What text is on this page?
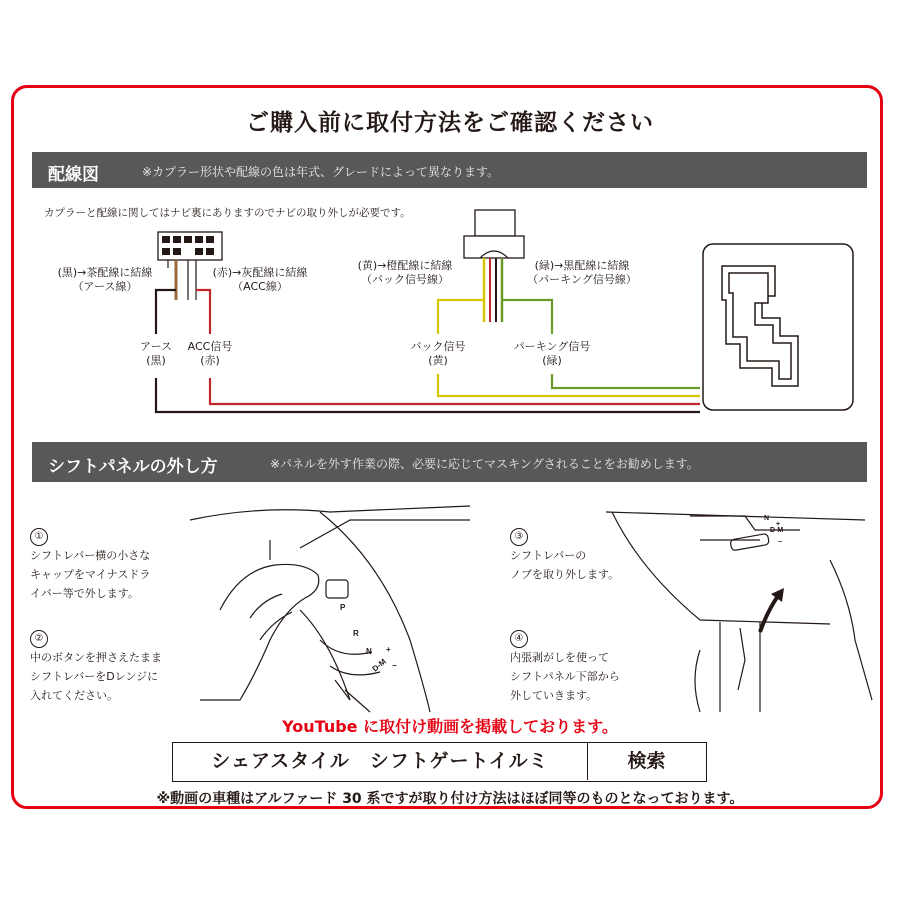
ご購入前に取付方法をご確認ください
配線図	※カプラー形状や配線の色は年式、グレードによって異なります。
カプラーと配線に関してはナビ裏にありますのでナビの取り外しが必要です。
P
R
N
D-M
+
−
N
D-M
+
−
(黒)→茶配線に結線
（アース線）
(赤)→灰配線に結線
（ACC線）
(黄)→橙配線に結線
（バック信号線）
(緑)→黒配線に結線
（パーキング信号線）
アース
(黒)
ACC信号
(赤)
バック信号
(黄)
パーキング信号
(緑)
シフトパネルの外し方	※パネルを外す作業の際、必要に応じてマスキングされることをお勧めします。
①
シフトレバー横の小さな
キャップをマイナスドラ
イバー等で外します。
②
中のボタンを押さえたまま
シフトレバーをDレンジに
入れてください。
③
シフトレバーの
ノブを取り外します。
④
内張剥がしを使って
シフトパネル下部から
外していきます。
YouTube に取付け動画を掲載しております。
シェアスタイル　シフトゲートイルミ	検索
※動画の車種はアルファード 30 系ですが取り付け方法はほぼ同等のものとなっております。
